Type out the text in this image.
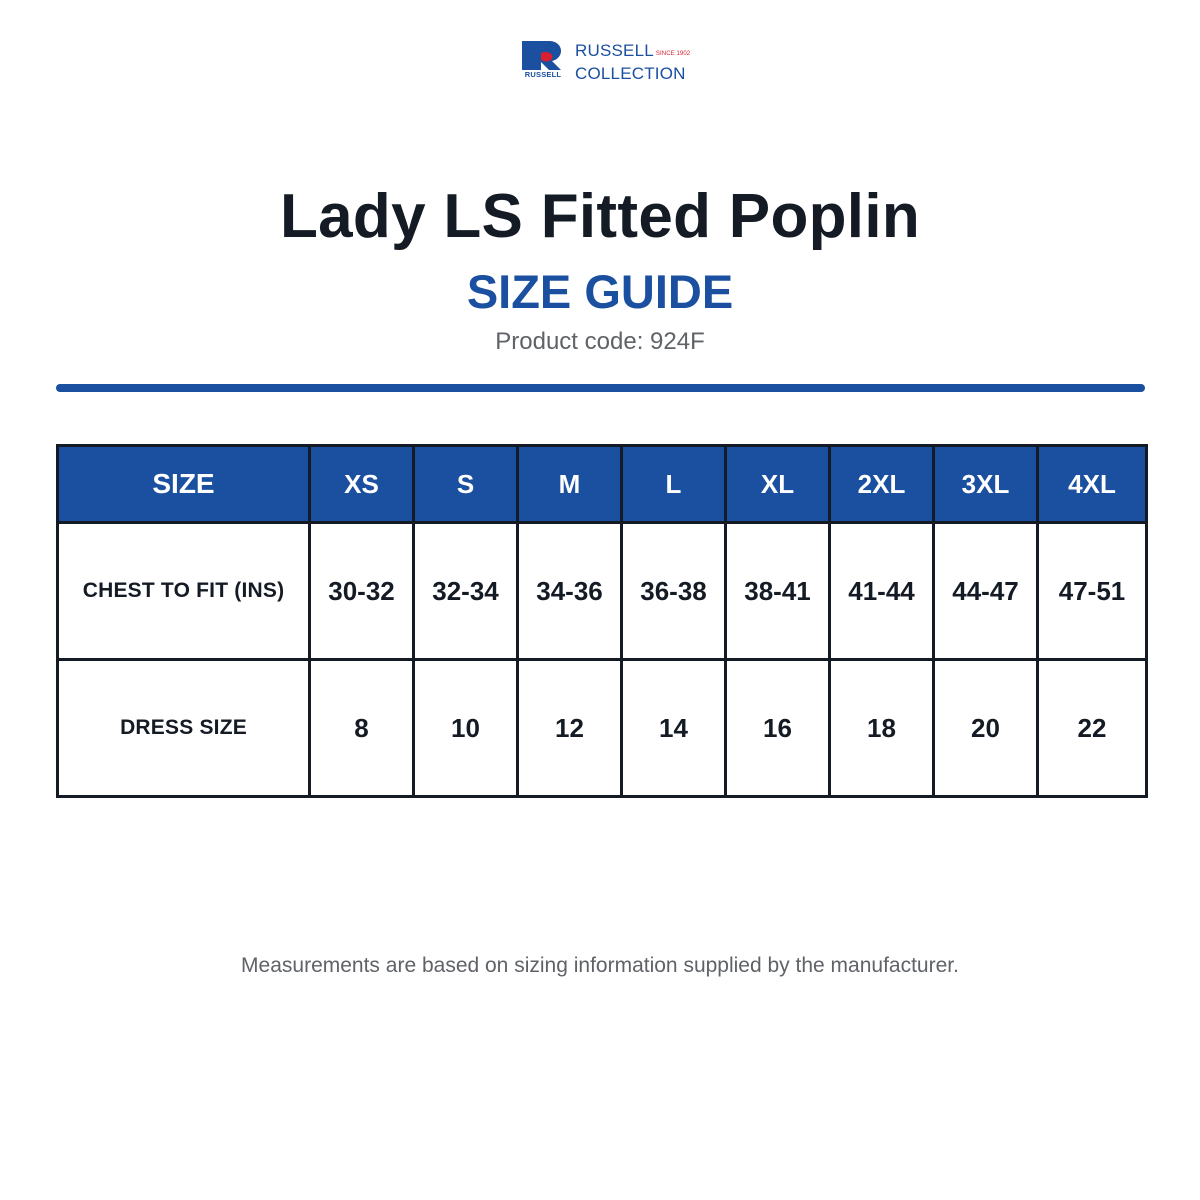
RUSSELL
RUSSELL SINCE 1902
COLLECTION
Lady LS Fitted Poplin
SIZE GUIDE
Product code: 924F
SIZE	XS	S	M	L	XL	2XL	3XL	4XL
CHEST TO FIT (INS)	30-32	32-34	34-36	36-38	38-41	41-44	44-47	47-51
DRESS SIZE	8	10	12	14	16	18	20	22
Measurements are based on sizing information supplied by the manufacturer.
